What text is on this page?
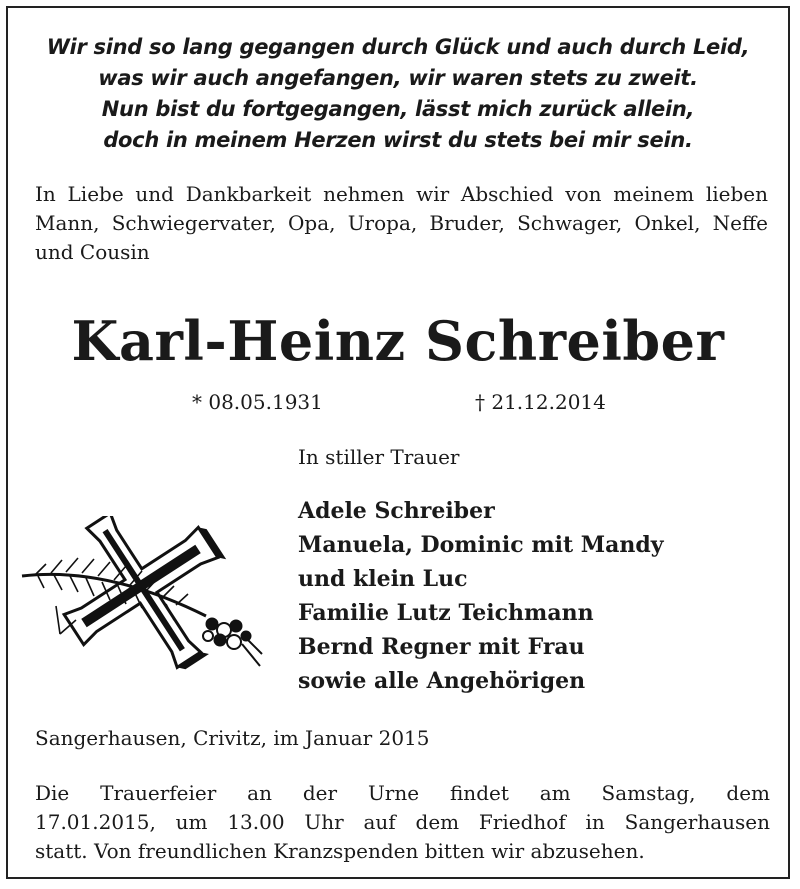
Wir sind so lang gegangen durch Glück und auch durch Leid,
was wir auch angefangen, wir waren stets zu zweit.
Nun bist du fortgegangen, lässt mich zurück allein,
doch in meinem Herzen wirst du stets bei mir sein.
In Liebe und Dankbarkeit nehmen wir Abschied von meinem lieben Mann, Schwiegervater, Opa, Uropa, Bruder, Schwager, Onkel, Neffe und Cousin
Karl-Heinz Schreiber
* 08.05.1931	† 21.12.2014
In stiller Trauer
Adele Schreiber
Manuela, Dominic mit Mandy
und klein Luc
Familie Lutz Teichmann
Bernd Regner mit Frau
sowie alle Angehörigen
Sangerhausen, Crivitz, im Januar 2015
Die Trauerfeier an der Urne findet am Samstag, dem
17.01.2015, um 13.00 Uhr auf dem Friedhof in Sangerhausen
statt. Von freundlichen Kranzspenden bitten wir abzusehen.
